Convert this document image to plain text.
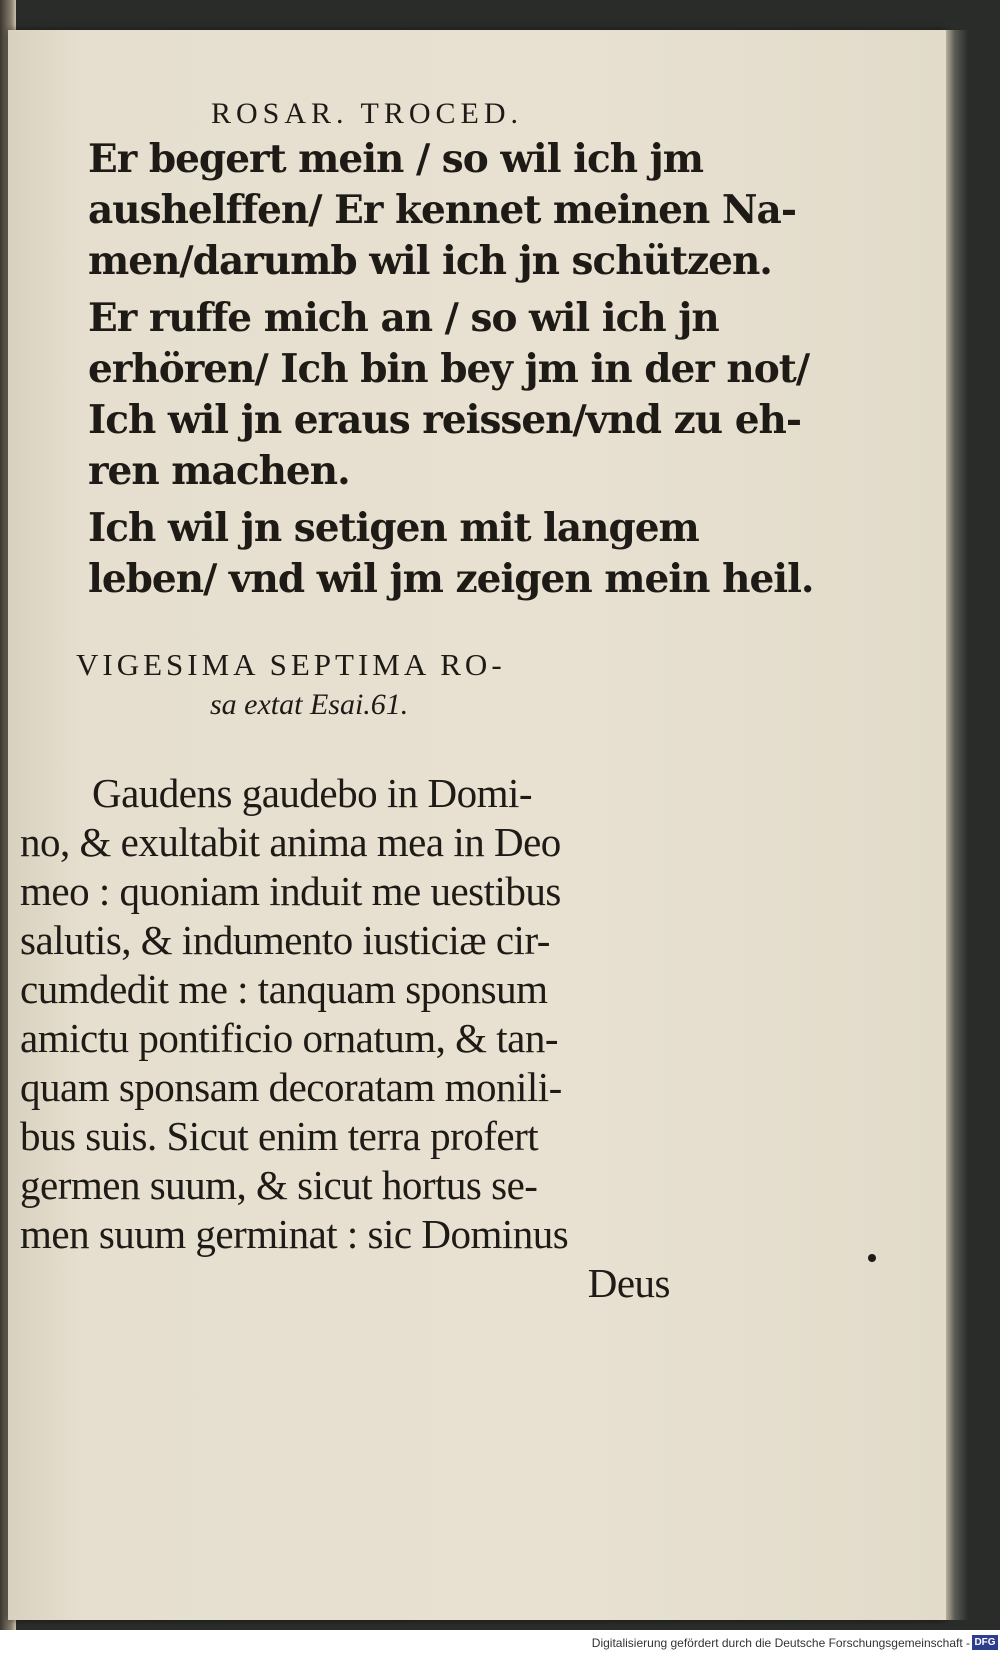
ROSAR. TROCED.

Er begert mein / so wil ich jm
aushelffen/ Er kennet meinen Na-
men/darumb wil ich jn schützen.

Er ruffe mich an / so wil ich jn
erhören/ Ich bin bey jm in der not/
Ich wil jn eraus reissen/vnd zu eh-
ren machen.

Ich wil jn setigen mit langem
leben/ vnd wil jm zeigen mein heil.

VIGESIMA SEPTIMA RO-
sa extat Esai.61.
Gaudens gaudebo in Domi-
no, & exultabit anima mea in Deo
meo : quoniam induit me uestibus
salutis, & indumento iusticiæ cir-
cumdedit me : tanquam sponsum
amictu pontificio ornatum, & tan-
quam sponsam decoratam monili-
bus suis. Sicut enim terra profert
germen suum, & sicut hortus se-
men suum germinat : sic Dominus
Deus
Digitalisierung gefördert durch die Deutsche Forschungsgemeinschaft - DFG
